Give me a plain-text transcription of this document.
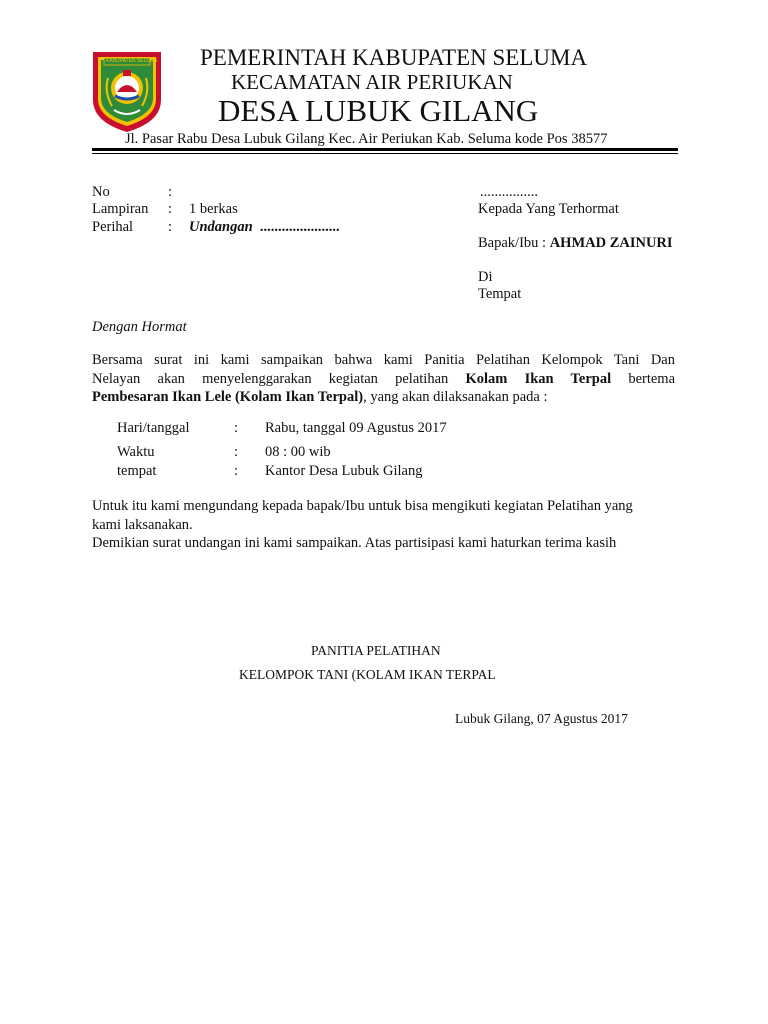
KABUPATEN SELUMA PEMERINTAH KABUPATEN SELUMA
KECAMATAN AIR PERIUKAN
DESA LUBUK GILANG
Jl. Pasar Rabu Desa Lubuk Gilang Kec. Air Periukan Kab. Seluma kode Pos 38577
No	:
Lampiran : 1 berkas
Perihal : Undangan ......................
................
Kepada Yang Terhormat
Bapak/Ibu : AHMAD ZAINURI
Di
Tempat
Dengan Hormat
Bersama surat ini kami sampaikan bahwa kami Panitia Pelatihan Kelompok Tani Dan
Nelayan akan menyelenggarakan kegiatan pelatihan Kolam Ikan Terpal bertema
Pembesaran Ikan Lele (Kolam Ikan Terpal), yang akan dilaksanakan pada :
Hari/tanggal	: Rabu, tanggal 09 Agustus 2017
Waktu	: 08 : 00 wib
tempat	: Kantor Desa Lubuk Gilang
Untuk itu kami mengundang kepada bapak/Ibu untuk bisa mengikuti kegiatan Pelatihan yang
kami laksanakan.
Demikian surat undangan ini kami sampaikan. Atas partisipasi kami haturkan terima kasih
PANITIA PELATIHAN
KELOMPOK TANI (KOLAM IKAN TERPAL
Lubuk Gilang, 07 Agustus 2017
